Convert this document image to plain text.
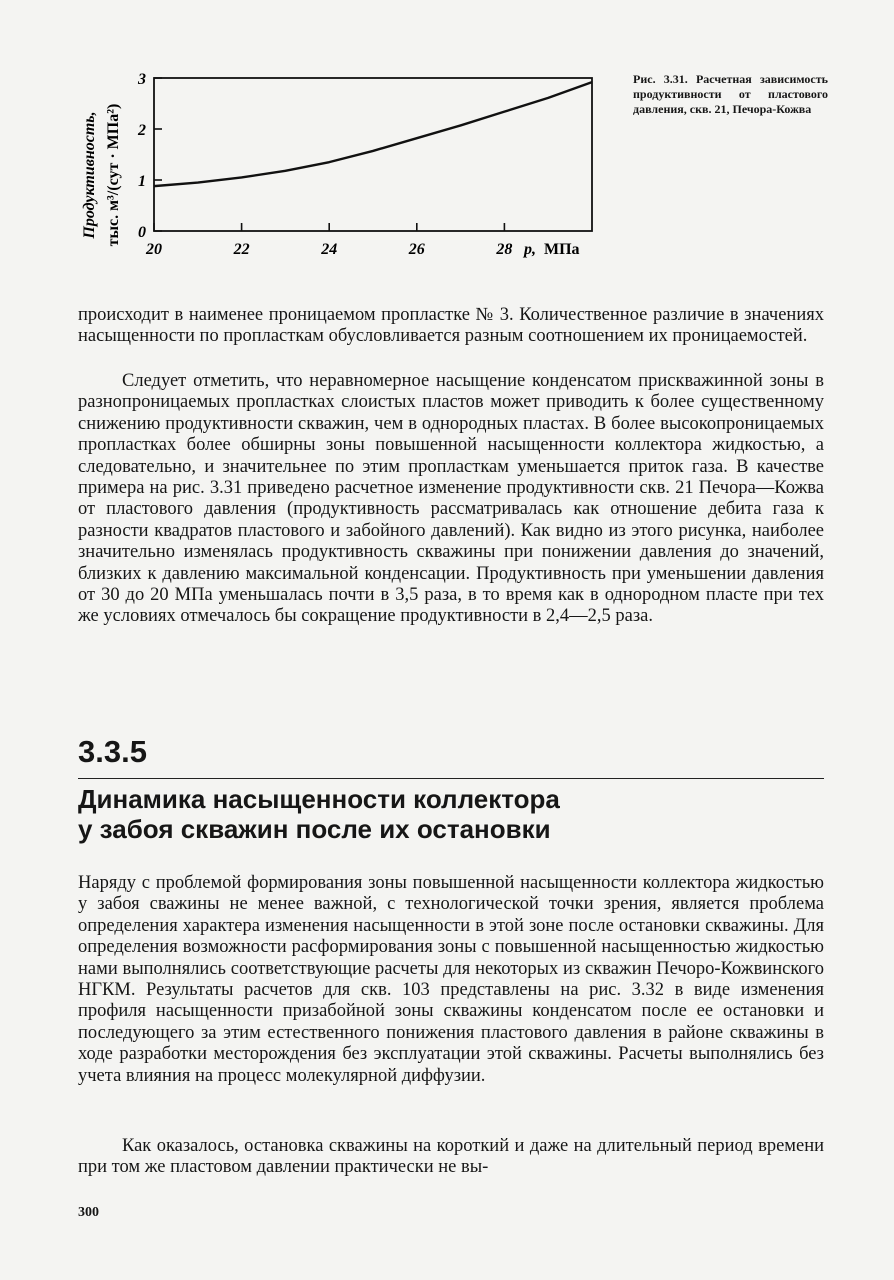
Продуктивность, тыс. м³/(сут · МПа²)
20	22	24	26	28
0
1
2
3
p, МПа
Рис. 3.31. Расчетная зависимость продуктивности от пластового давления, скв. 21, Печора-Кожва

происходит в наименее проницаемом пропластке № 3. Количественное различие в значениях насыщенности по пропласткам обусловливается разным соотношением их проницаемостей.

Следует отметить, что неравномерное насыщение конденсатом прискважинной зоны в разнопроницаемых пропластках слоистых пластов может приводить к более существенному снижению продуктивности скважин, чем в однородных пластах. В более высокопроницаемых пропластках более обширны зоны повышенной насыщенности коллектора жидкостью, а следовательно, и значительнее по этим пропласткам уменьшается приток газа. В качестве примера на рис. 3.31 приведено расчетное изменение продуктивности скв. 21 Печора—Кожва от пластового давления (продуктивность рассматривалась как отношение дебита газа к разности квадратов пластового и забойного давлений). Как видно из этого рисунка, наиболее значительно изменялась продуктивность скважины при понижении давления до значений, близких к давлению максимальной конденсации. Продуктивность при уменьшении давления от 30 до 20 МПа уменьшалась почти в 3,5 раза, в то время как в однородном пласте при тех же условиях отмечалось бы сокращение продуктивности в 2,4—2,5 раза.

3.3.5
Динамика насыщенности коллектора
у забоя скважин после их остановки

Наряду с проблемой формирования зоны повышенной насыщенности коллектора жидкостью у забоя сважины не менее важной, с технологической точки зрения, является проблема определения характера изменения насыщенности в этой зоне после остановки скважины. Для определения возможности расформирования зоны с повышенной насыщенностью жидкостью нами выполнялись соответствующие расчеты для некоторых из скважин Печоро-Кожвинского НГКМ. Результаты расчетов для скв. 103 представлены на рис. 3.32 в виде изменения профиля насыщенности призабойной зоны скважины конденсатом после ее остановки и последующего за этим естественного понижения пластового давления в районе скважины в ходе разработки месторождения без эксплуатации этой скважины. Расчеты выполнялись без учета влияния на процесс молекулярной диффузии.

Как оказалось, остановка скважины на короткий и даже на длительный период времени при том же пластовом давлении практически не вы-

300
